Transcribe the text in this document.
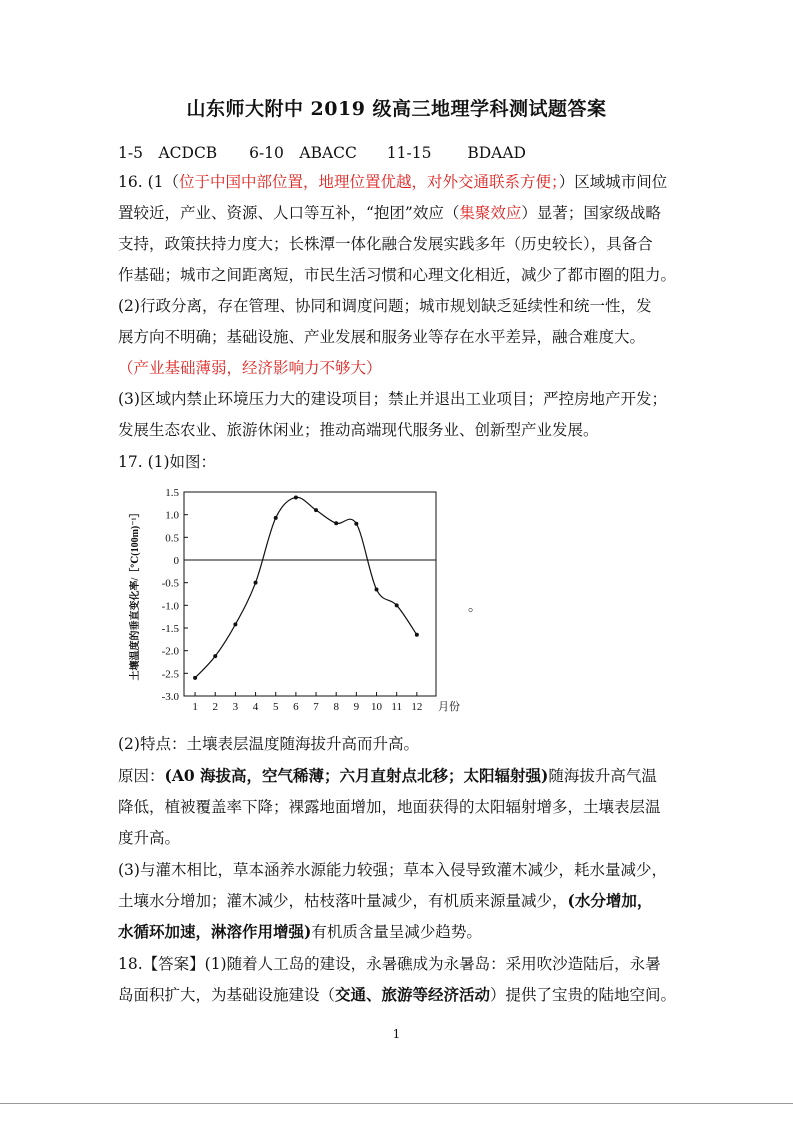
山东师大附中 2019 级高三地理学科测试题答案
1-5　ACDCB 6-10　ABACC 11-15 BDAAD
16. (1（位于中国中部位置，地理位置优越，对外交通联系方便；）区域城市间位
置较近，产业、资源、人口等互补，“抱团”效应（集聚效应）显著；国家级战略
支持，政策扶持力度大；长株潭一体化融合发展实践多年（历史较长），具备合
作基础；城市之间距离短，市民生活习惯和心理文化相近，减少了都市圈的阻力。
(2)行政分离，存在管理、协同和调度问题；城市规划缺乏延续性和统一性，发
展方向不明确；基础设施、产业发展和服务业等存在水平差异，融合难度大。
（产业基础薄弱，经济影响力不够大）
(3)区域内禁止环境压力大的建设项目；禁止并退出工业项目；严控房地产开发；
发展生态农业、旅游休闲业；推动高端现代服务业、创新型产业发展。
17. (1)如图：
1.5
1.0
0.5
0
-0.5
-1.0
-1.5
-2.0
-2.5
-3.0
1 2 3 4 5 6 7 8 9 10 11 12 月份
土壤温度的垂直变化率/［℃(100m)⁻¹］	。
(2)特点：土壤表层温度随海拔升高而升高。
原因：(A0 海拔高，空气稀薄；六月直射点北移；太阳辐射强)随海拔升高气温
降低，植被覆盖率下降；裸露地面增加，地面获得的太阳辐射增多，土壤表层温
度升高。
(3)与灌木相比，草本涵养水源能力较强；草本入侵导致灌木减少，耗水量减少，
土壤水分增加；灌木减少，枯枝落叶量减少，有机质来源量减少，(水分增加，
水循环加速，淋溶作用增强)有机质含量呈减少趋势。
18.【答案】(1)随着人工岛的建设，永暑礁成为永暑岛：采用吹沙造陆后，永暑
岛面积扩大，为基础设施建设（交通、旅游等经济活动）提供了宝贵的陆地空间。
1
